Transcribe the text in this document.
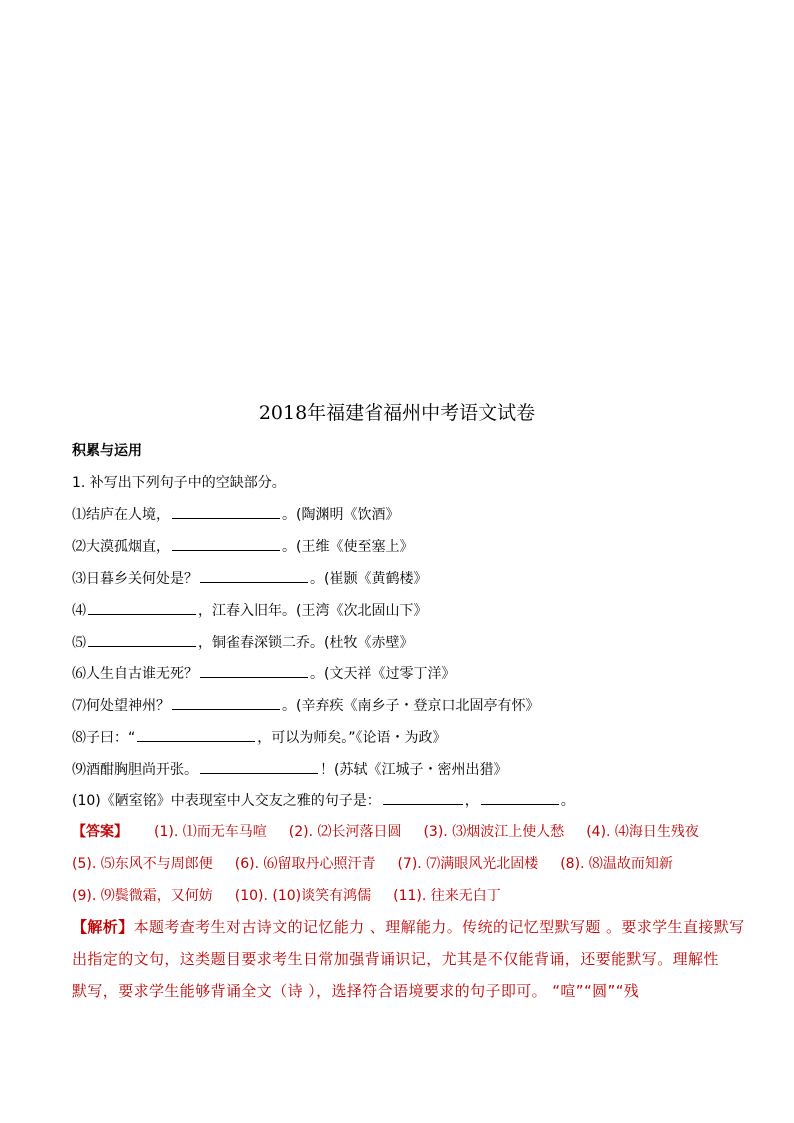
2018年福建省福州中考语文试卷
积累与运用
1. 补写出下列句子中的空缺部分。
⑴结庐在人境，	。(陶渊明《饮酒》
⑵大漠孤烟直，	。(王维《使至塞上》
⑶日暮乡关何处是？	。(崔颢《黄鹤楼》
⑷	，江春入旧年。(王湾《次北固山下》
⑸	，铜雀春深锁二乔。(杜牧《赤壁》
⑹人生自古谁无死？	。(文天祥《过零丁洋》
⑺何处望神州？	。(辛弃疾《南乡子・登京口北固亭有怀》
⑻子曰：“	，可以为师矣。”《论语・为政》
⑼酒酣胸胆尚开张。	！(苏轼《江城子・密州出猎》
(10)《陋室铭》中表现室中人交友之雅的句子是：	，	。
【答案】 (1). ⑴而无车马喧 (2). ⑵长河落日圆 (3). ⑶烟波江上使人愁 (4). ⑷海日生残夜
(5). ⑸东风不与周郎便 (6). ⑹留取丹心照汗青 (7). ⑺满眼风光北固楼 (8). ⑻温故而知新
(9). ⑼鬓微霜，又何妨 (10). (10)谈笑有鸿儒 (11). 往来无白丁
【解析】本题考查考生对古诗文的记忆能力 、理解能力。传统的记忆型默写题 。要求学生直接默写
出指定的文句，这类题目要求考生日常加强背诵识记，尤其是不仅能背诵，还要能默写。理解性
默写，要求学生能够背诵全文（诗 ），选择符合语境要求的句子即可。 “喧”“圆”“残
